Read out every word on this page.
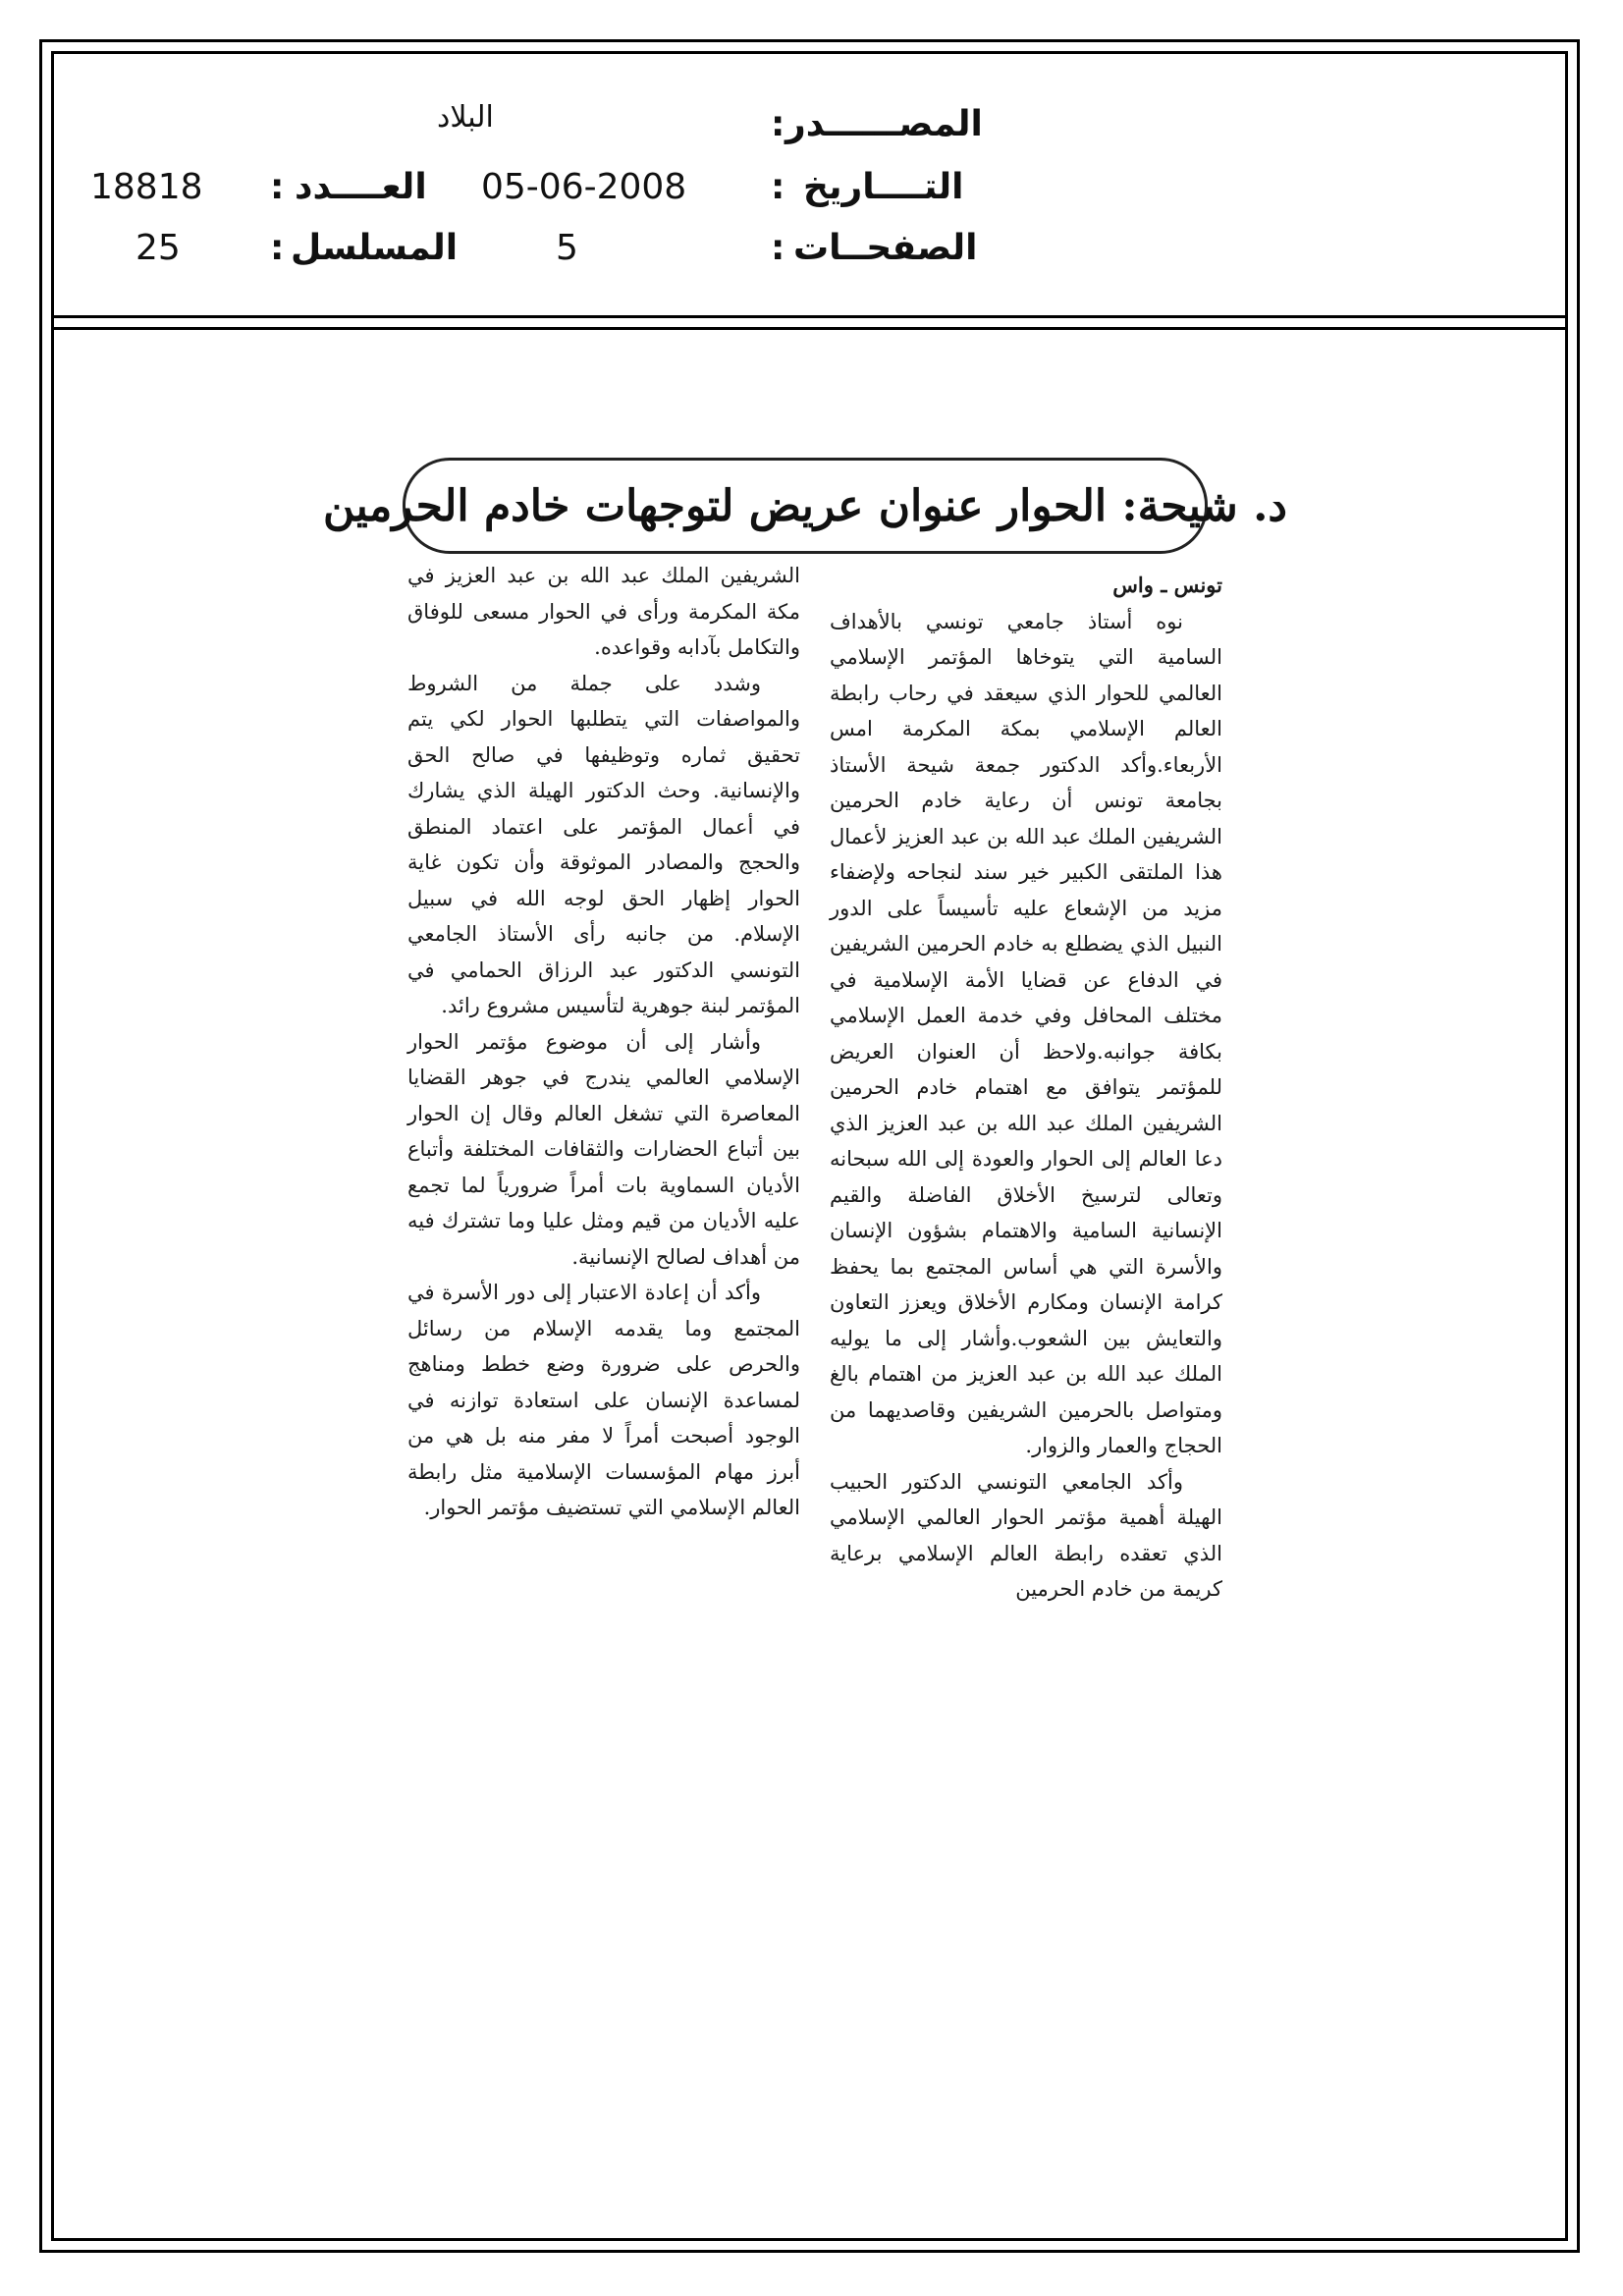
المصــــــدر
:
البلاد
التــــاريخ
:
05-06-2008
العــــدد
:
18818
الصفحــات
:
5
المسلسل
:
25
د. شيحة: الحوار عنوان عريض لتوجهات خادم الحرمين
تونس ـ واس

نوه أستاذ جامعي تونسي بالأهداف السامية التي يتوخاها المؤتمر الإسلامي العالمي للحوار الذي سيعقد في رحاب رابطة العالم الإسلامي بمكة المكرمة امس الأربعاء.وأكد الدكتور جمعة شيحة الأستاذ بجامعة تونس أن رعاية خادم الحرمين الشريفين الملك عبد الله بن عبد العزيز لأعمال هذا الملتقى الكبير خير سند لنجاحه ولإضفاء مزيد من الإشعاع عليه تأسيساً على الدور النبيل الذي يضطلع به خادم الحرمين الشريفين في الدفاع عن قضايا الأمة الإسلامية في مختلف المحافل وفي خدمة العمل الإسلامي بكافة جوانبه.ولاحظ أن العنوان العريض للمؤتمر يتوافق مع اهتمام خادم الحرمين الشريفين الملك عبد الله بن عبد العزيز الذي دعا العالم إلى الحوار والعودة إلى الله سبحانه وتعالى لترسيخ الأخلاق الفاضلة والقيم الإنسانية السامية والاهتمام بشؤون الإنسان والأسرة التي هي أساس المجتمع بما يحفظ كرامة الإنسان ومكارم الأخلاق ويعزز التعاون والتعايش بين الشعوب.وأشار إلى ما يوليه الملك عبد الله بن عبد العزيز من اهتمام بالغ ومتواصل بالحرمين الشريفين وقاصديهما من الحجاج والعمار والزوار.

وأكد الجامعي التونسي الدكتور الحبيب الهيلة أهمية مؤتمر الحوار العالمي الإسلامي الذي تعقده رابطة العالم الإسلامي برعاية كريمة من خادم الحرمين

الشريفين الملك عبد الله بن عبد العزيز في مكة المكرمة ورأى في الحوار مسعى للوفاق والتكامل بآدابه وقواعده.

وشدد على جملة من الشروط والمواصفات التي يتطلبها الحوار لكي يتم تحقيق ثماره وتوظيفها في صالح الحق والإنسانية. وحث الدكتور الهيلة الذي يشارك في أعمال المؤتمر على اعتماد المنطق والحجج والمصادر الموثوقة وأن تكون غاية الحوار إظهار الحق لوجه الله في سبيل الإسلام. من جانبه رأى الأستاذ الجامعي التونسي الدكتور عبد الرزاق الحمامي في المؤتمر لبنة جوهرية لتأسيس مشروع رائد.

وأشار إلى أن موضوع مؤتمر الحوار الإسلامي العالمي يندرج في جوهر القضايا المعاصرة التي تشغل العالم وقال إن الحوار بين أتباع الحضارات والثقافات المختلفة وأتباع الأديان السماوية بات أمراً ضرورياً لما تجمع عليه الأديان من قيم ومثل عليا وما تشترك فيه من أهداف لصالح الإنسانية.

وأكد أن إعادة الاعتبار إلى دور الأسرة في المجتمع وما يقدمه الإسلام من رسائل والحرص على ضرورة وضع خطط ومناهج لمساعدة الإنسان على استعادة توازنه في الوجود أصبحت أمراً لا مفر منه بل هي من أبرز مهام المؤسسات الإسلامية مثل رابطة العالم الإسلامي التي تستضيف مؤتمر الحوار.
